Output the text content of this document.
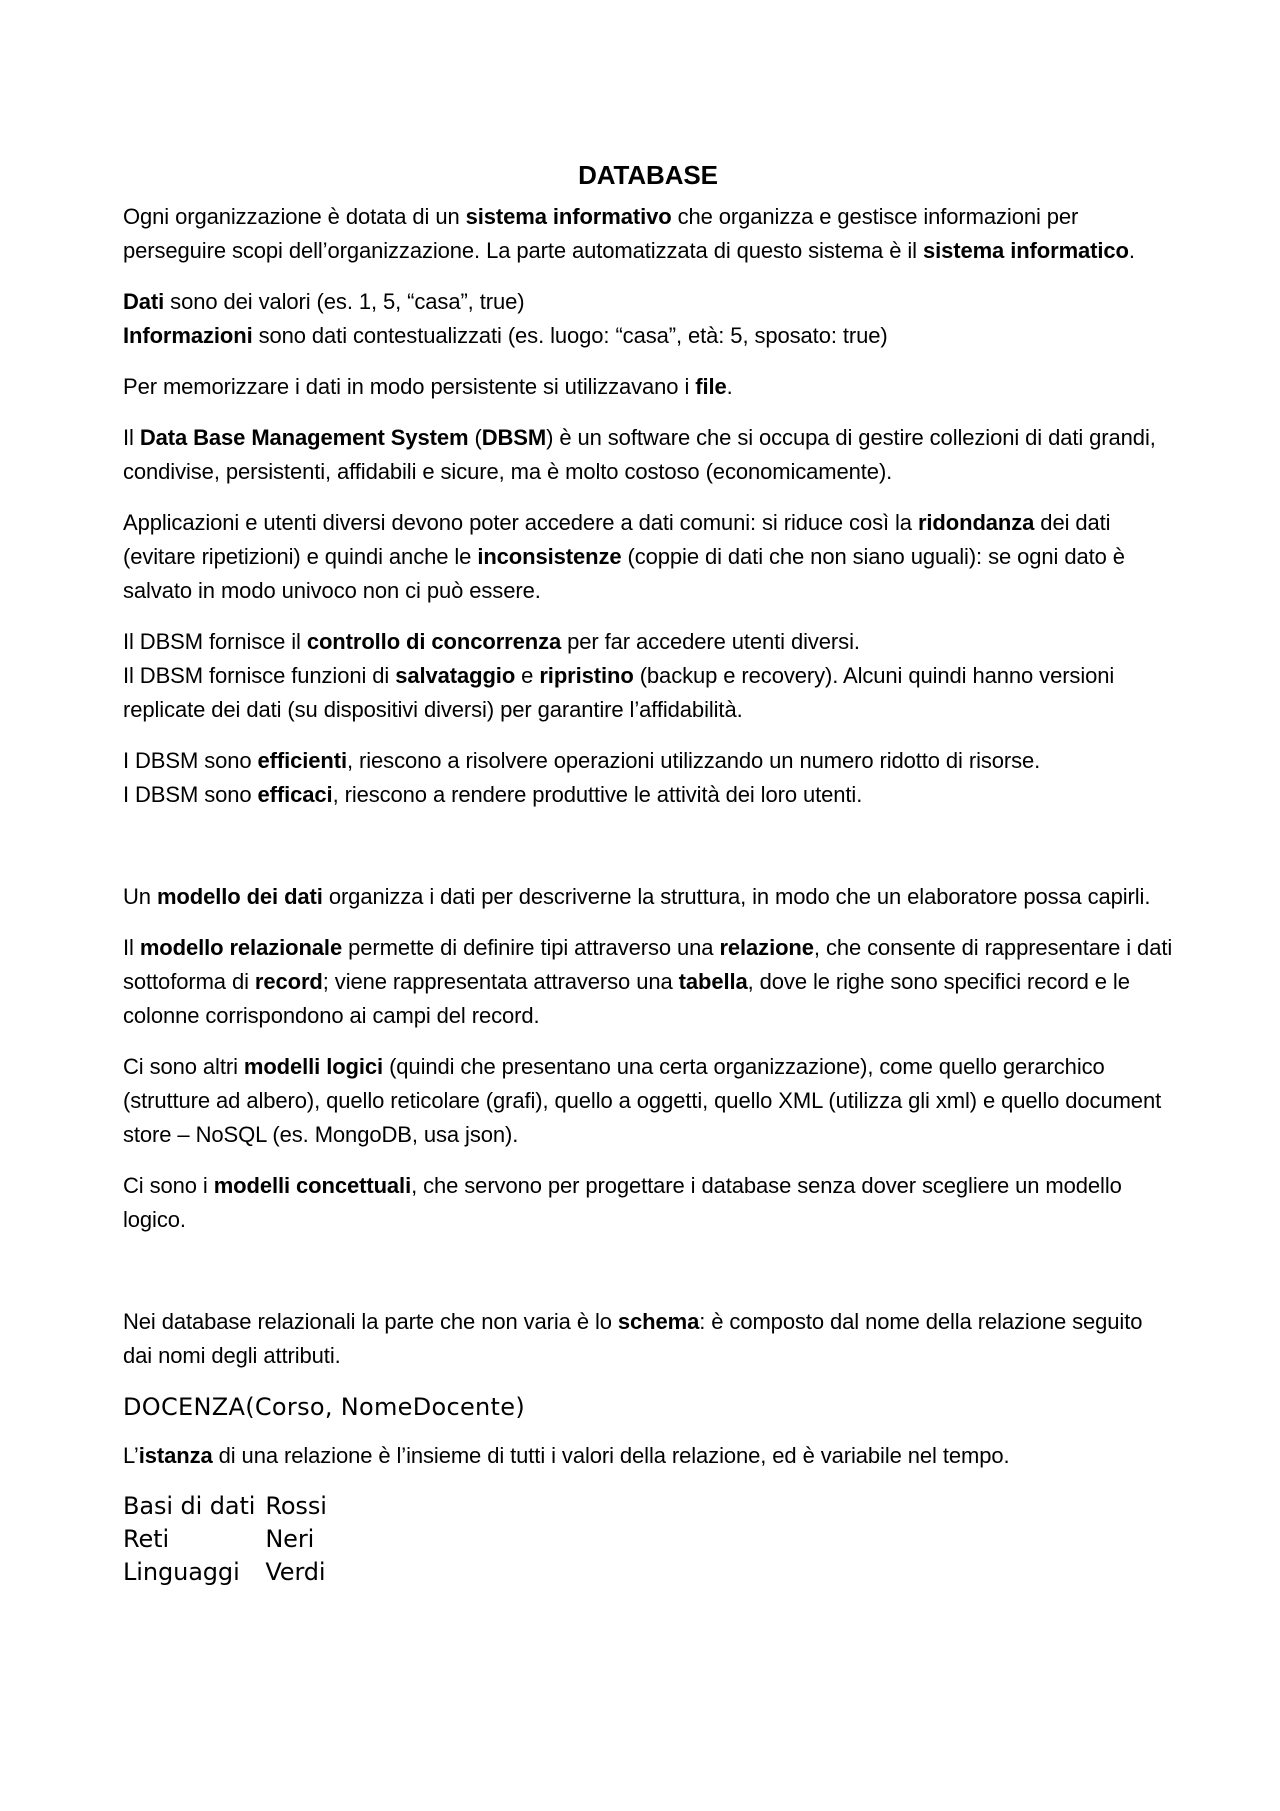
DATABASE

Ogni organizzazione è dotata di un sistema informativo che organizza e gestisce informazioni per perseguire scopi dell’organizzazione. La parte automatizzata di questo sistema è il sistema informatico.

Dati sono dei valori (es. 1, 5, “casa”, true)
Informazioni sono dati contestualizzati (es. luogo: “casa”, età: 5, sposato: true)

Per memorizzare i dati in modo persistente si utilizzavano i file.

Il Data Base Management System (DBSM) è un software che si occupa di gestire collezioni di dati grandi, condivise, persistenti, affidabili e sicure, ma è molto costoso (economicamente).

Applicazioni e utenti diversi devono poter accedere a dati comuni: si riduce così la ridondanza dei dati (evitare ripetizioni) e quindi anche le inconsistenze (coppie di dati che non siano uguali): se ogni dato è salvato in modo univoco non ci può essere.

Il DBSM fornisce il controllo di concorrenza per far accedere utenti diversi.
Il DBSM fornisce funzioni di salvataggio e ripristino (backup e recovery). Alcuni quindi hanno versioni replicate dei dati (su dispositivi diversi) per garantire l’affidabilità.

I DBSM sono efficienti, riescono a risolvere operazioni utilizzando un numero ridotto di risorse.
I DBSM sono efficaci, riescono a rendere produttive le attività dei loro utenti.

Un modello dei dati organizza i dati per descriverne la struttura, in modo che un elaboratore possa capirli.

Il modello relazionale permette di definire tipi attraverso una relazione, che consente di rappresentare i dati sottoforma di record; viene rappresentata attraverso una tabella, dove le righe sono specifici record e le colonne corrispondono ai campi del record.

Ci sono altri modelli logici (quindi che presentano una certa organizzazione), come quello gerarchico (strutture ad albero), quello reticolare (grafi), quello a oggetti, quello XML (utilizza gli xml) e quello document store – NoSQL (es. MongoDB, usa json).

Ci sono i modelli concettuali, che servono per progettare i database senza dover scegliere un modello logico.

Nei database relazionali la parte che non varia è lo schema: è composto dal nome della relazione seguito dai nomi degli attributi.

DOCENZA(Corso, NomeDocente)

L’istanza di una relazione è l’insieme di tutti i valori della relazione, ed è variabile nel tempo.

Basi di dati	Rossi
Reti	Neri
Linguaggi	Verdi
